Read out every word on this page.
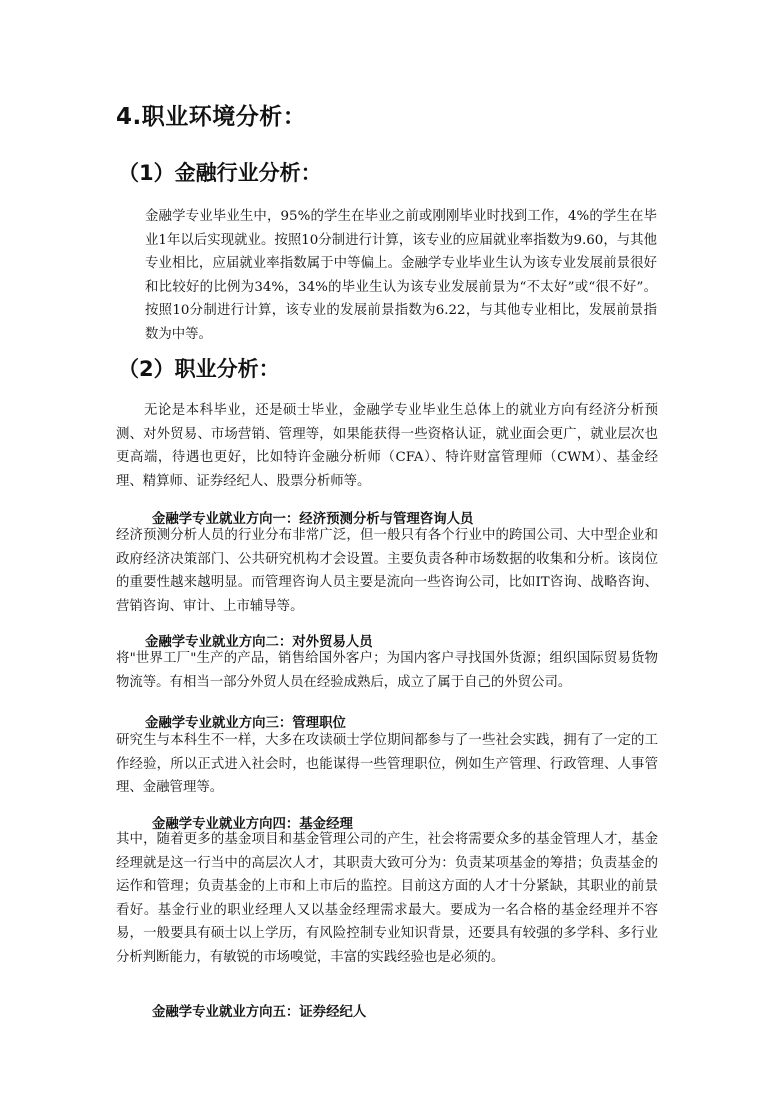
4.职业环境分析：
（1）金融行业分析：
金融学专业毕业生中，95%的学生在毕业之前或刚刚毕业时找到工作，4%的学生在毕业1年以后实现就业。按照10分制进行计算，该专业的应届就业率指数为9.60，与其他专业相比，应届就业率指数属于中等偏上。金融学专业毕业生认为该专业发展前景很好和比较好的比例为34%，34%的毕业生认为该专业发展前景为“不太好”或“很不好”。按照10分制进行计算，该专业的发展前景指数为6.22，与其他专业相比，发展前景指数为中等。
（2）职业分析：
无论是本科毕业，还是硕士毕业，金融学专业毕业生总体上的就业方向有经济分析预测、对外贸易、市场营销、管理等，如果能获得一些资格认证，就业面会更广，就业层次也更高端，待遇也更好，比如特许金融分析师（CFA）、特许财富管理师（CWM）、基金经理、精算师、证券经纪人、股票分析师等。
金融学专业就业方向一：经济预测分析与管理咨询人员
经济预测分析人员的行业分布非常广泛，但一般只有各个行业中的跨国公司、大中型企业和政府经济决策部门、公共研究机构才会设置。主要负责各种市场数据的收集和分析。该岗位的重要性越来越明显。而管理咨询人员主要是流向一些咨询公司，比如IT咨询、战略咨询、营销咨询、审计、上市辅导等。
金融学专业就业方向二：对外贸易人员
将"世界工厂"生产的产品，销售给国外客户；为国内客户寻找国外货源；组织国际贸易货物物流等。有相当一部分外贸人员在经验成熟后，成立了属于自己的外贸公司。
金融学专业就业方向三：管理职位
研究生与本科生不一样，大多在攻读硕士学位期间都参与了一些社会实践，拥有了一定的工作经验，所以正式进入社会时，也能谋得一些管理职位，例如生产管理、行政管理、人事管理、金融管理等。
金融学专业就业方向四：基金经理
其中，随着更多的基金项目和基金管理公司的产生，社会将需要众多的基金管理人才，基金经理就是这一行当中的高层次人才，其职责大致可分为：负责某项基金的筹措；负责基金的运作和管理；负责基金的上市和上市后的监控。目前这方面的人才十分紧缺，其职业的前景看好。基金行业的职业经理人又以基金经理需求最大。要成为一名合格的基金经理并不容易，一般要具有硕士以上学历，有风险控制专业知识背景，还要具有较强的多学科、多行业分析判断能力，有敏锐的市场嗅觉，丰富的实践经验也是必须的。
金融学专业就业方向五：证券经纪人
